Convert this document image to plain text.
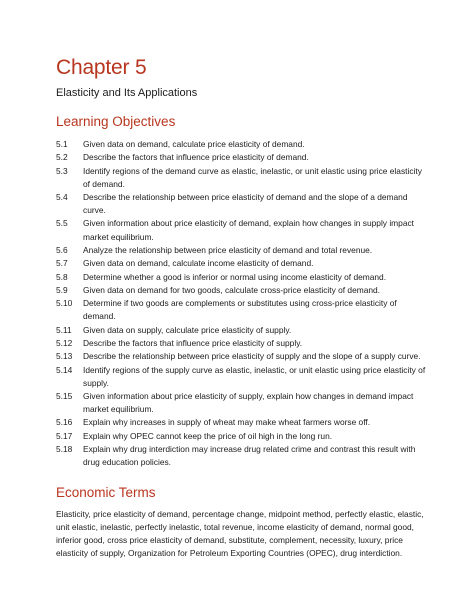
Chapter 5
Elasticity and Its Applications
Learning Objectives
5.1	Given data on demand, calculate price elasticity of demand.
5.2	Describe the factors that influence price elasticity of demand.
5.3	Identify regions of the demand curve as elastic, inelastic, or unit elastic using price elasticity of demand.
5.4	Describe the relationship between price elasticity of demand and the slope of a demand curve.
5.5	Given information about price elasticity of demand, explain how changes in supply impact market equilibrium.
5.6	Analyze the relationship between price elasticity of demand and total revenue.
5.7	Given data on demand, calculate income elasticity of demand.
5.8	Determine whether a good is inferior or normal using income elasticity of demand.
5.9	Given data on demand for two goods, calculate cross-price elasticity of demand.
5.10	Determine if two goods are complements or substitutes using cross-price elasticity of demand.
5.11	Given data on supply, calculate price elasticity of supply.
5.12	Describe the factors that influence price elasticity of supply.
5.13	Describe the relationship between price elasticity of supply and the slope of a supply curve.
5.14	Identify regions of the supply curve as elastic, inelastic, or unit elastic using price elasticity of supply.
5.15	Given information about price elasticity of supply, explain how changes in demand impact market equilibrium.
5.16	Explain why increases in supply of wheat may make wheat farmers worse off.
5.17	Explain why OPEC cannot keep the price of oil high in the long run.
5.18	Explain why drug interdiction may increase drug related crime and contrast this result with drug education policies.
Economic Terms
Elasticity, price elasticity of demand, percentage change, midpoint method, perfectly elastic, elastic, unit elastic, inelastic, perfectly inelastic, total revenue, income elasticity of demand, normal good, inferior good, cross price elasticity of demand, substitute, complement, necessity, luxury, price elasticity of supply, Organization for Petroleum Exporting Countries (OPEC), drug interdiction.
